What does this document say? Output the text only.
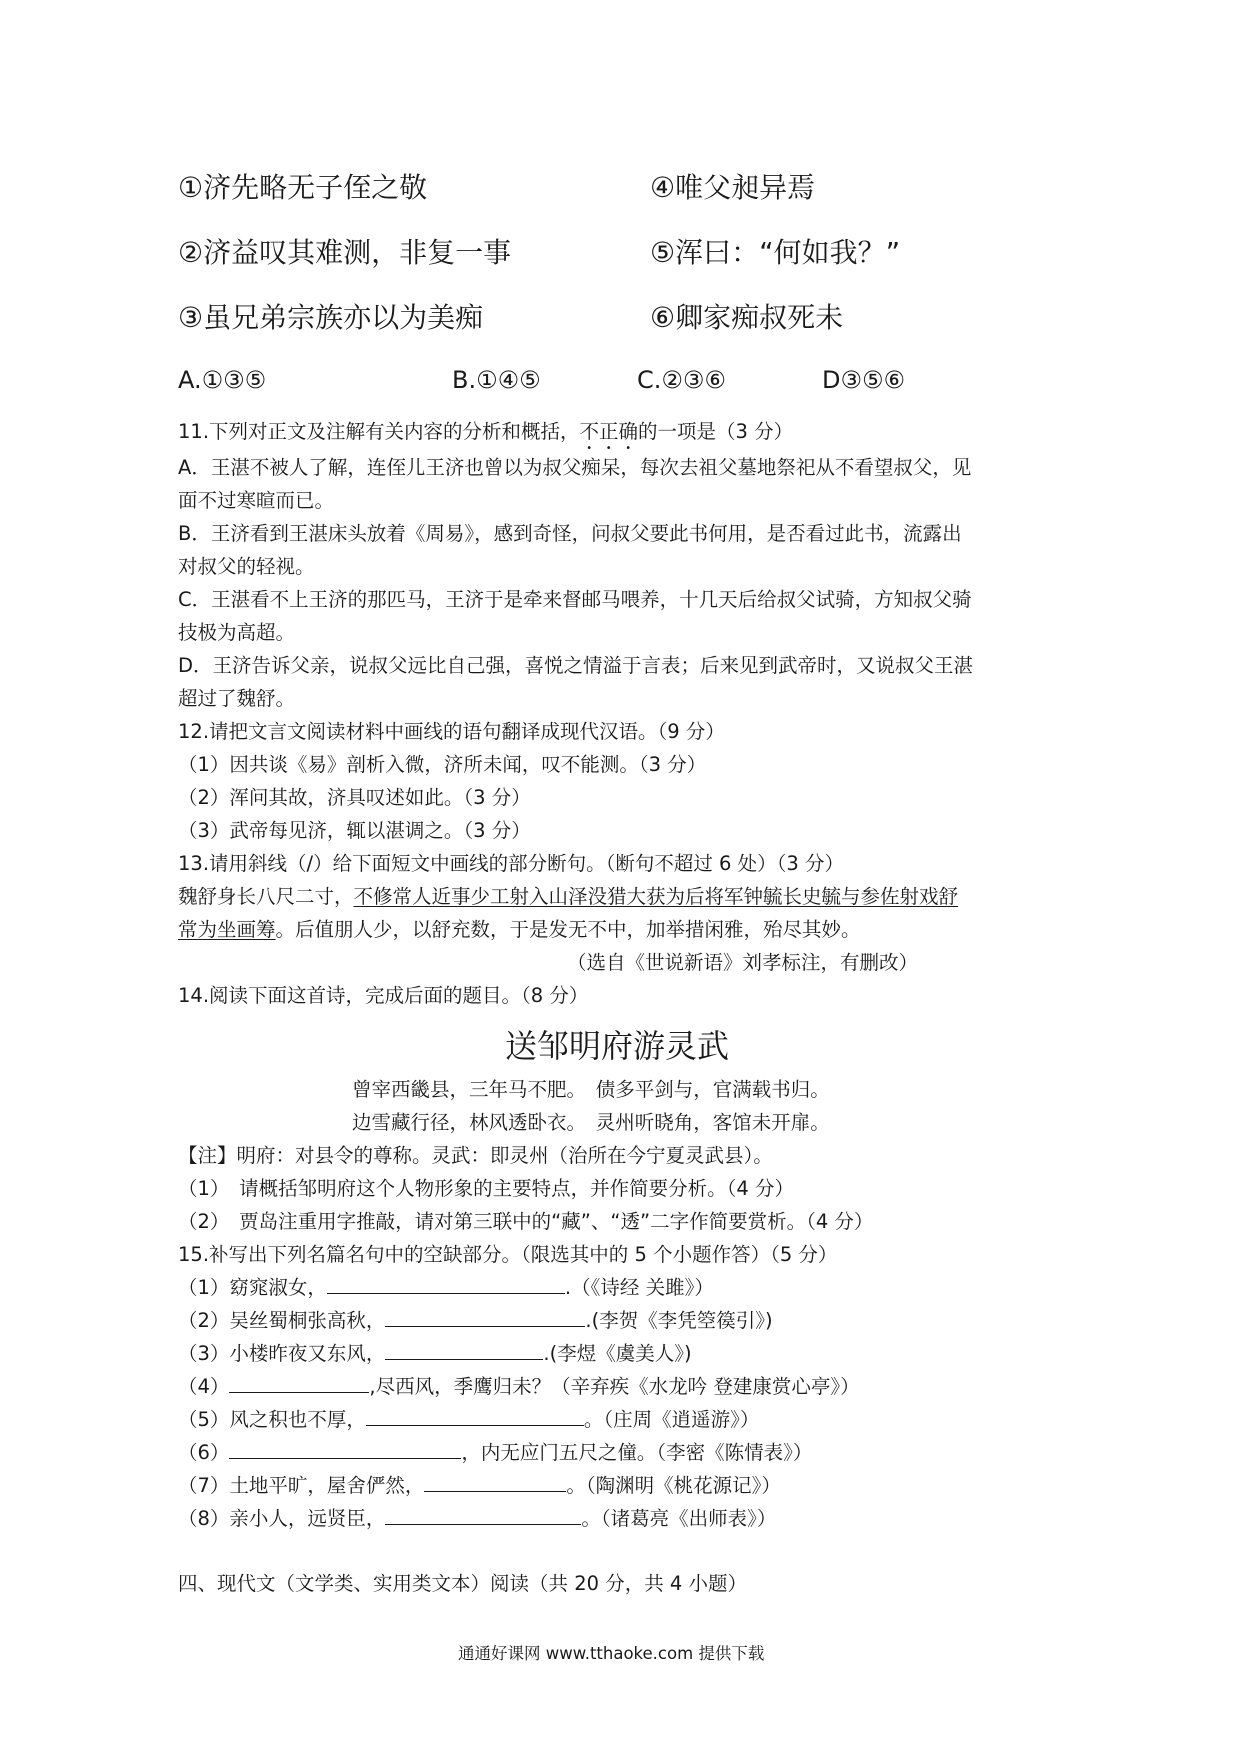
①济先略无子侄之敬	④唯父昶异焉
②济益叹其难测，非复一事	⑤浑曰：“何如我？”
③虽兄弟宗族亦以为美痴	⑥卿家痴叔死未
A.①③⑤	B.①④⑤	C.②③⑥	D③⑤⑥
11.下列对正文及注解有关内容的分析和概括，不正确的一项是（3 分）
A．王湛不被人了解，连侄儿王济也曾以为叔父痴呆，每次去祖父墓地祭祀从不看望叔父，见
面不过寒暄而已。
B．王济看到王湛床头放着《周易》，感到奇怪，问叔父要此书何用，是否看过此书，流露出
对叔父的轻视。
C．王湛看不上王济的那匹马，王济于是牵来督邮马喂养，十几天后给叔父试骑，方知叔父骑
技极为高超。
D．王济告诉父亲，说叔父远比自己强，喜悦之情溢于言表；后来见到武帝时，又说叔父王湛
超过了魏舒。
12.请把文言文阅读材料中画线的语句翻译成现代汉语。（9 分）
（1）因共谈《易》剖析入微，济所未闻，叹不能测。（3 分）
（2）浑问其故，济具叹述如此。（3 分）
（3）武帝每见济，辄以湛调之。（3 分）
13.请用斜线（/）给下面短文中画线的部分断句。（断句不超过 6 处）（3 分）
魏舒身长八尺二寸，不修常人近事少工射入山泽没猎大获为后将军钟毓长史毓与参佐射戏舒
常为坐画筹。后值朋人少，以舒充数，于是发无不中，加举措闲雅，殆尽其妙。
（选自《世说新语》刘孝标注，有删改）
14.阅读下面这首诗，完成后面的题目。（8 分）
送邹明府游灵武
曾宰西畿县，三年马不肥。　债多平剑与，官满载书归。
边雪藏行径，林风透卧衣。　灵州听晓角，客馆未开扉。
【注】明府：对县令的尊称。灵武：即灵州（治所在今宁夏灵武县）。
（1）　请概括邹明府这个人物形象的主要特点，并作简要分析。（4 分）
（2）　贾岛注重用字推敲，请对第三联中的“藏”、“透”二字作简要赏析。（4 分）
15.补写出下列名篇名句中的空缺部分。（限选其中的 5 个小题作答）（5 分）
（1）窈窕淑女，	.（《诗经 关雎》）
（2）吴丝蜀桐张高秋，	.(李贺《李凭箜篌引》)
（3）小楼昨夜又东风，	.(李煜《虞美人》)
（4）	,尽西风，季鹰归未？（辛弃疾《水龙吟 登建康赏心亭》）
（5）风之积也不厚，	。（庄周《逍遥游》）
（6）	，内无应门五尺之僮。（李密《陈情表》）
（7）土地平旷，屋舍俨然，	。（陶渊明《桃花源记》）
（8）亲小人，远贤臣，	。（诸葛亮《出师表》）
四、现代文（文学类、实用类文本）阅读（共 20 分，共 4 小题）
通通好课网 www.tthaoke.com 提供下载
